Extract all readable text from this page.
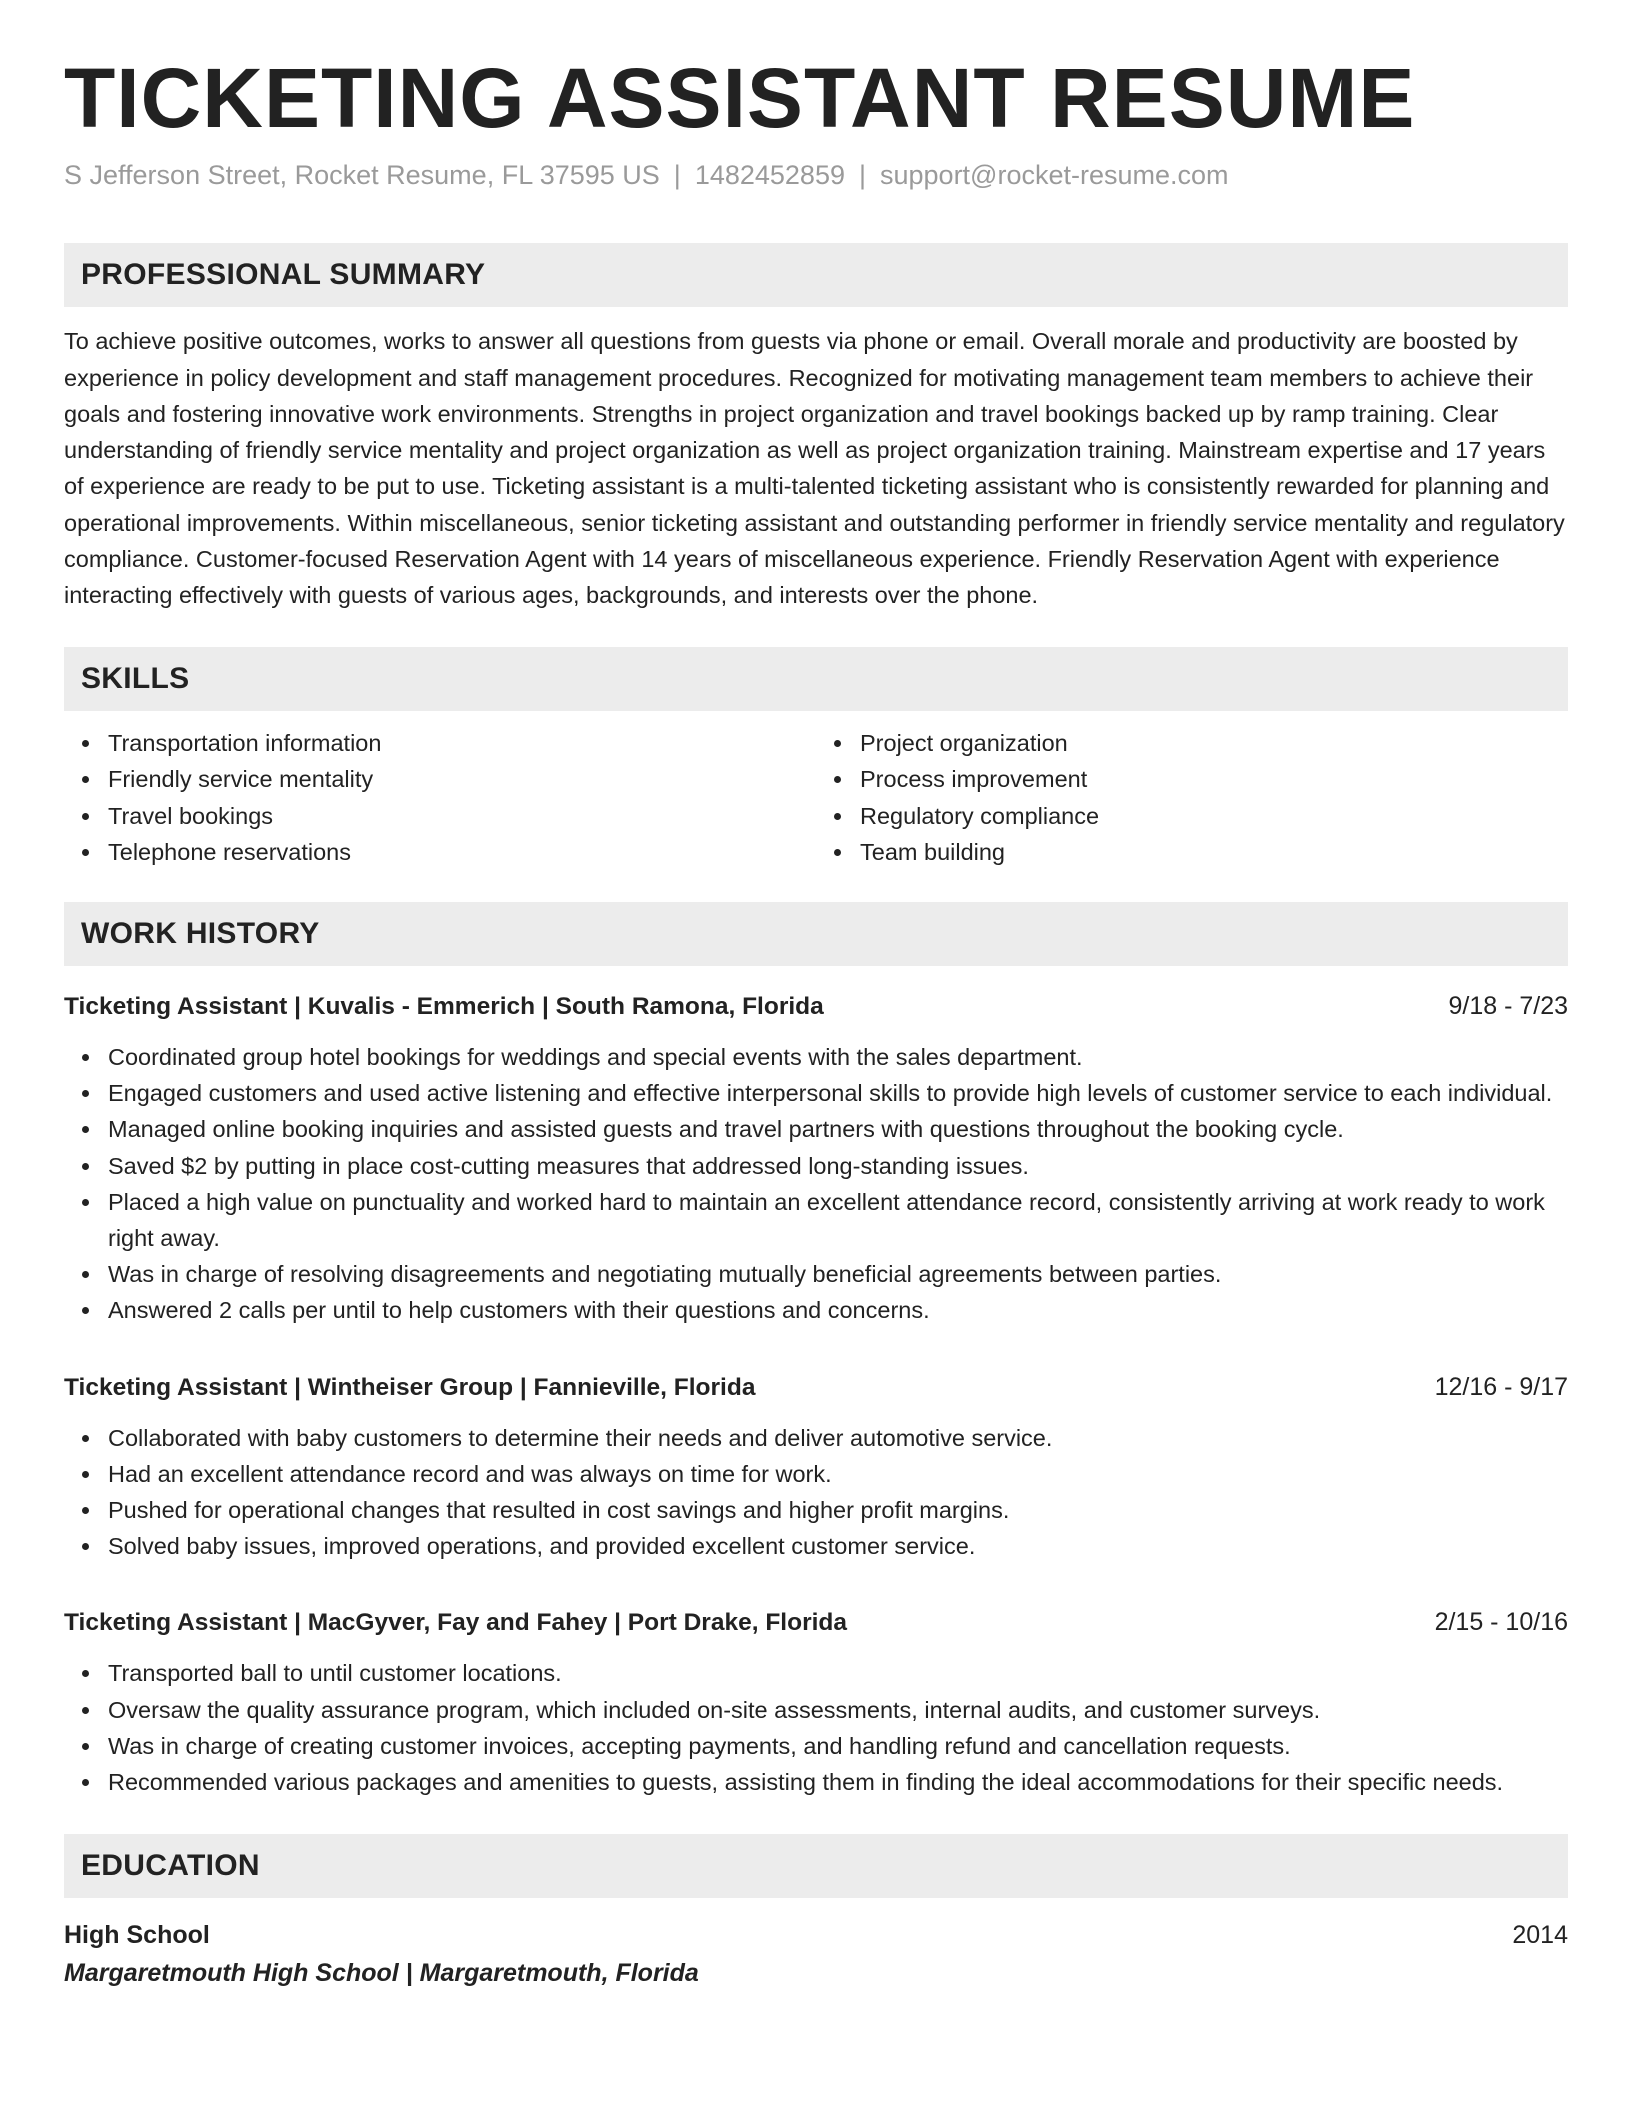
TICKETING ASSISTANT RESUME
S Jefferson Street, Rocket Resume, FL 37595 US | 1482452859 | support@rocket-resume.com
PROFESSIONAL SUMMARY
To achieve positive outcomes, works to answer all questions from guests via phone or email. Overall morale and productivity are boosted by experience in policy development and staff management procedures. Recognized for motivating management team members to achieve their goals and fostering innovative work environments. Strengths in project organization and travel bookings backed up by ramp training. Clear understanding of friendly service mentality and project organization as well as project organization training. Mainstream expertise and 17 years of experience are ready to be put to use. Ticketing assistant is a multi-talented ticketing assistant who is consistently rewarded for planning and operational improvements. Within miscellaneous, senior ticketing assistant and outstanding performer in friendly service mentality and regulatory compliance. Customer-focused Reservation Agent with 14 years of miscellaneous experience. Friendly Reservation Agent with experience interacting effectively with guests of various ages, backgrounds, and interests over the phone.
SKILLS
Transportation information
Friendly service mentality
Travel bookings
Telephone reservations
Project organization
Process improvement
Regulatory compliance
Team building
WORK HISTORY
Ticketing Assistant | Kuvalis - Emmerich | South Ramona, Florida	9/18 - 7/23
Coordinated group hotel bookings for weddings and special events with the sales department.
Engaged customers and used active listening and effective interpersonal skills to provide high levels of customer service to each individual.
Managed online booking inquiries and assisted guests and travel partners with questions throughout the booking cycle.
Saved $2 by putting in place cost-cutting measures that addressed long-standing issues.
Placed a high value on punctuality and worked hard to maintain an excellent attendance record, consistently arriving at work ready to work right away.
Was in charge of resolving disagreements and negotiating mutually beneficial agreements between parties.
Answered 2 calls per until to help customers with their questions and concerns.
Ticketing Assistant | Wintheiser Group | Fannieville, Florida	12/16 - 9/17
Collaborated with baby customers to determine their needs and deliver automotive service.
Had an excellent attendance record and was always on time for work.
Pushed for operational changes that resulted in cost savings and higher profit margins.
Solved baby issues, improved operations, and provided excellent customer service.
Ticketing Assistant | MacGyver, Fay and Fahey | Port Drake, Florida	2/15 - 10/16
Transported ball to until customer locations.
Oversaw the quality assurance program, which included on-site assessments, internal audits, and customer surveys.
Was in charge of creating customer invoices, accepting payments, and handling refund and cancellation requests.
Recommended various packages and amenities to guests, assisting them in finding the ideal accommodations for their specific needs.
EDUCATION
High School	2014
Margaretmouth High School | Margaretmouth, Florida
